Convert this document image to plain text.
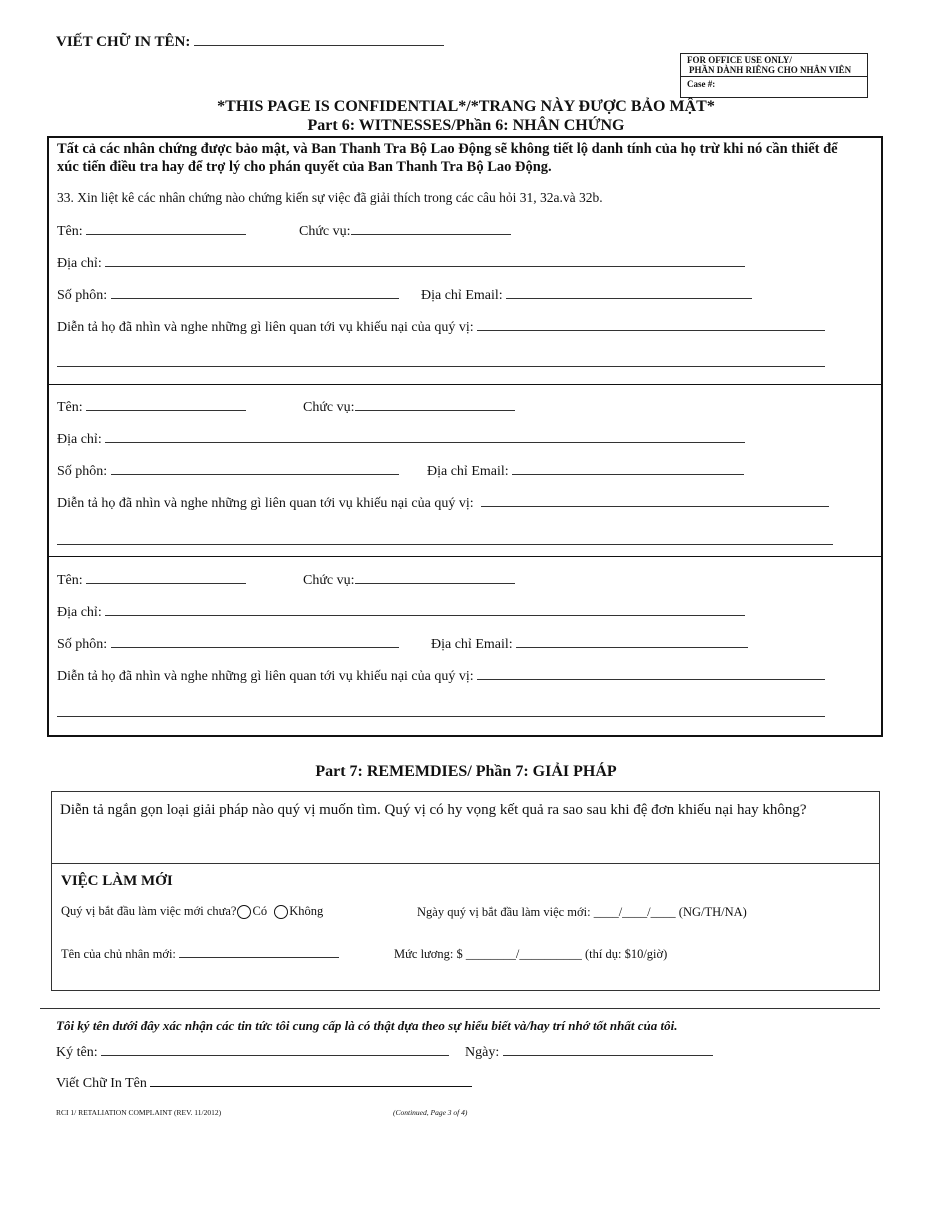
VIẾT CHỮ IN TÊN:
FOR OFFICE USE ONLY/
PHẦN DÀNH RIÊNG CHO NHÂN VIÊN
Case #:
*THIS PAGE IS CONFIDENTIAL*/*TRANG NÀY ĐƯỢC BẢO MẬT*
Part 6: WITNESSES/Phần 6: NHÂN CHỨNG
Tất cả các nhân chứng được bảo mật, và Ban Thanh Tra Bộ Lao Động sẽ không tiết lộ danh tính của họ trừ khi nó cần thiết để xúc tiến điều tra hay để trợ lý cho phán quyết của Ban Thanh Tra Bộ Lao Động.
33. Xin liệt kê các nhân chứng nào chứng kiến sự việc đã giải thích trong các câu hỏi 31, 32a.và 32b.
Tên:	Chức vụ:
Địa chỉ:
Số phôn:	Địa chỉ Email:
Diễn tả họ đã nhìn và nghe những gì liên quan tới vụ khiếu nại của quý vị:
Tên:	Chức vụ:
Địa chỉ:
Số phôn:	Địa chỉ Email:
Diễn tả họ đã nhìn và nghe những gì liên quan tới vụ khiếu nại của quý vị:
Tên:	Chức vụ:
Địa chỉ:
Số phôn:	Địa chỉ Email:
Diễn tả họ đã nhìn và nghe những gì liên quan tới vụ khiếu nại của quý vị:
Part 7: REMEMDIES/ Phần 7: GIẢI PHÁP
Diễn tả ngắn gọn loại giải pháp nào quý vị muốn tìm. Quý vị có hy vọng kết quả ra sao sau khi đệ đơn khiếu nại hay không?
VIỆC LÀM MỚI
Quý vị bắt đầu làm việc mới chưa? Có Không	Ngày quý vị bắt đầu làm việc mới: ____/____/____ (NG/TH/NA)
Tên của chủ nhân mới:	Mức lương: $ ________/__________ (thí dụ: $10/giờ)
Tôi ký tên dưới đây xác nhận các tin tức tôi cung cấp là có thật dựa theo sự hiểu biết và/hay trí nhớ tốt nhất của tôi.
Ký tên:	Ngày:
Viết Chữ In Tên
RCI 1/ RETALIATION COMPLAINT (REV. 11/2012)	(Continued, Page 3 of 4)
